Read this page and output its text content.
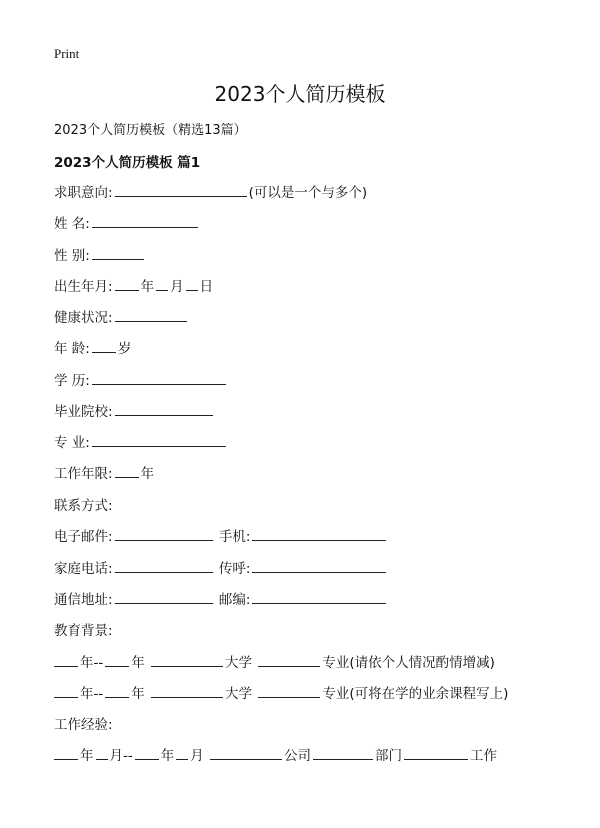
Print
2023个人简历模板
2023个人简历模板（精选13篇）
2023个人简历模板 篇1
求职意向:	(可以是一个与多个)
姓 名:
性 别:
出生年月: 年 月 日
健康状况:
年 龄: 岁
学 历:
毕业院校:
专 业:
工作年限: 年
联系方式:
电子邮件:	手机:
家庭电话:	传呼:
通信地址:	邮编:
教育背景:
年-- 年	大学	专业(请依个人情况酌情增减)
年-- 年	大学	专业(可将在学的业余课程写上)
工作经验:
年 月-- 年 月	公司	部门	工作
